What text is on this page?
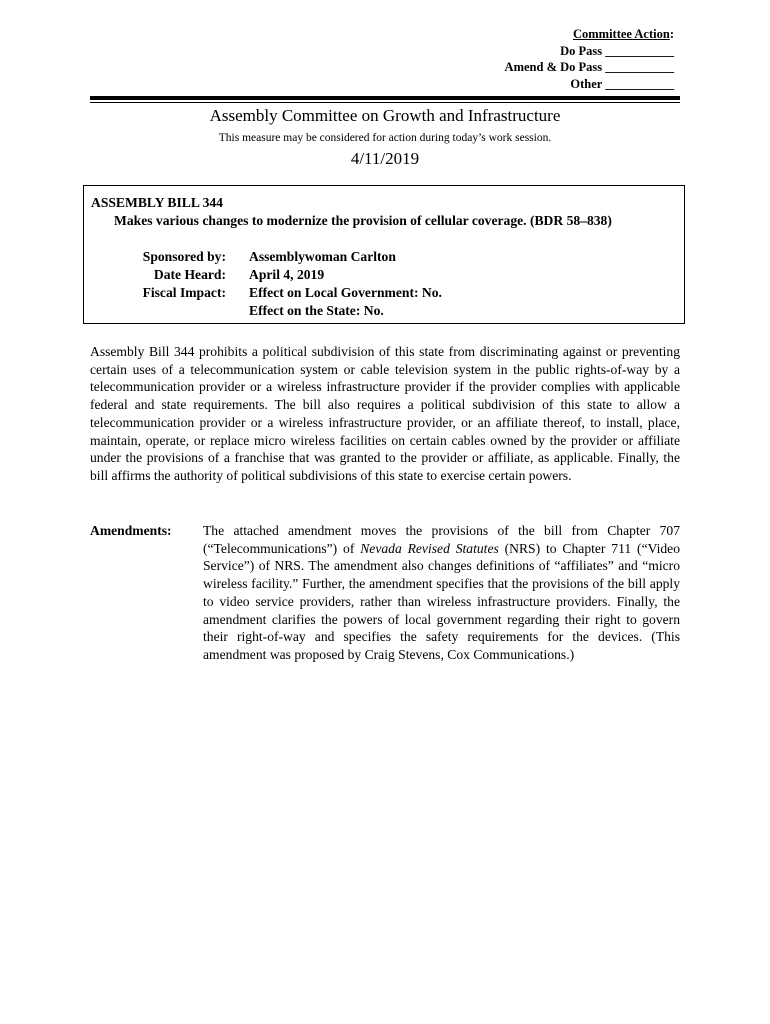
Committee Action:
Do Pass ___________
Amend & Do Pass ___________
Other ___________
Assembly Committee on Growth and Infrastructure
This measure may be considered for action during today’s work session.
4/11/2019
ASSEMBLY BILL 344
Makes various changes to modernize the provision of cellular coverage. (BDR 58–838)
Sponsored by: Assemblywoman Carlton
Date Heard: April 4, 2019
Fiscal Impact: Effect on Local Government: No.
Effect on the State: No.
Assembly Bill 344 prohibits a political subdivision of this state from discriminating against or preventing certain uses of a telecommunication system or cable television system in the public rights-of-way by a telecommunication provider or a wireless infrastructure provider if the provider complies with applicable federal and state requirements. The bill also requires a political subdivision of this state to allow a telecommunication provider or a wireless infrastructure provider, or an affiliate thereof, to install, place, maintain, operate, or replace micro wireless facilities on certain cables owned by the provider or affiliate under the provisions of a franchise that was granted to the provider or affiliate, as applicable. Finally, the bill affirms the authority of political subdivisions of this state to exercise certain powers.
Amendments: The attached amendment moves the provisions of the bill from Chapter 707 (“Telecommunications”) of Nevada Revised Statutes (NRS) to Chapter 711 (“Video Service”) of NRS. The amendment also changes definitions of “affiliates” and “micro wireless facility.” Further, the amendment specifies that the provisions of the bill apply to video service providers, rather than wireless infrastructure providers. Finally, the amendment clarifies the powers of local government regarding their right to govern their right-of-way and specifies the safety requirements for the devices. (This amendment was proposed by Craig Stevens, Cox Communications.)
